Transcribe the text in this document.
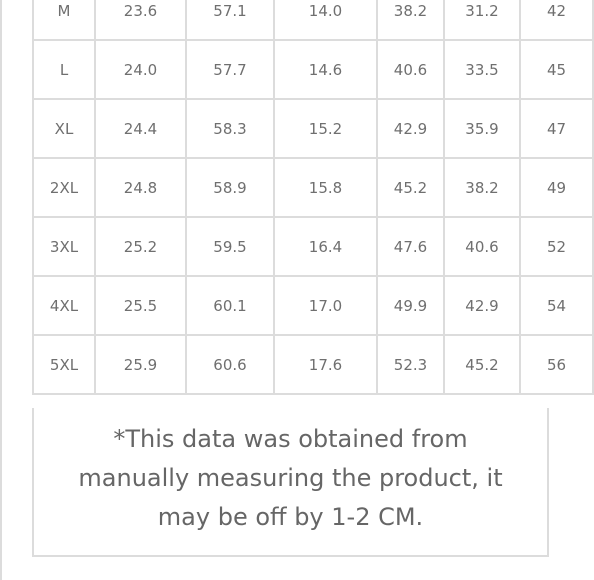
M	23.6	57.1	14.0	38.2	31.2	42
L	24.0	57.7	14.6	40.6	33.5	45
XL	24.4	58.3	15.2	42.9	35.9	47
2XL	24.8	58.9	15.8	45.2	38.2	49
3XL	25.2	59.5	16.4	47.6	40.6	52
4XL	25.5	60.1	17.0	49.9	42.9	54
5XL	25.9	60.6	17.6	52.3	45.2	56
*This data was obtained from manually measuring the product, it may be off by 1-2 CM.
